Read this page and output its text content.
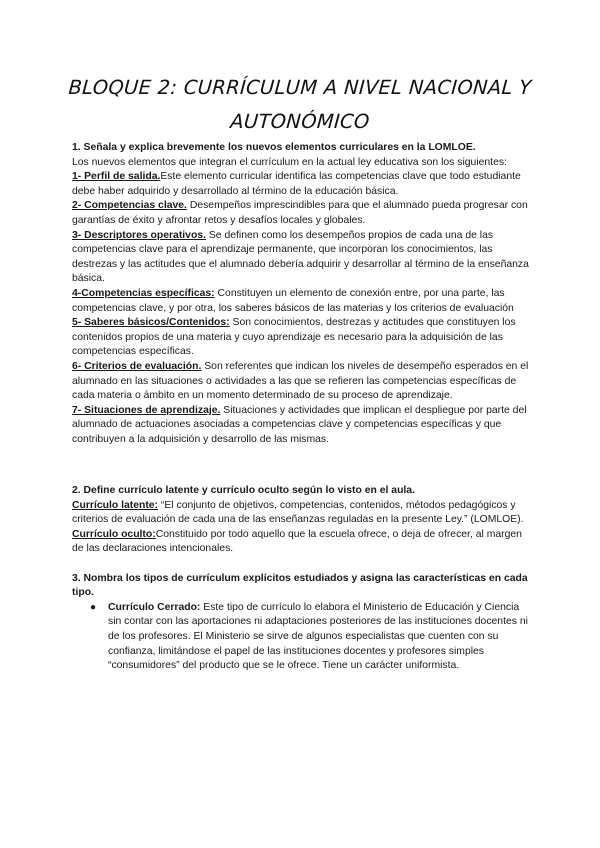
BLOQUE 2: CURRÍCULUM A NIVEL NACIONAL Y
AUTONÓMICO

1. Señala y explica brevemente los nuevos elementos curriculares en la LOMLOE.

Los nuevos elementos que integran el currículum en la actual ley educativa son los siguientes:

1- Perfil de salida.Este elemento curricular identifica las competencias clave que todo estudiante debe haber adquirido y desarrollado al término de la educación básica.

2- Competencias clave. Desempeños imprescindibles para que el alumnado pueda progresar con garantías de éxito y afrontar retos y desafíos locales y globales.

3- Descriptores operativos. Se definen como los desempeños propios de cada una de las competencias clave para el aprendizaje permanente, que incorporan los conocimientos, las destrezas y las actitudes que el alumnado debería adquirir y desarrollar al término de la enseñanza básica.

4-Competencias específicas: Constituyen un elemento de conexión entre, por una parte, las competencias clave, y por otra, los saberes básicos de las materias y los criterios de evaluación

5- Saberes básicos/Contenidos: Son conocimientos, destrezas y actitudes que constituyen los contenidos propios de una materia y cuyo aprendizaje es necesario para la adquisición de las competencias específicas.

6- Criterios de evaluación. Son referentes que indican los niveles de desempeño esperados en el alumnado en las situaciones o actividades a las que se refieren las competencias específicas de cada materia o ámbito en un momento determinado de su proceso de aprendizaje.

7- Situaciones de aprendizaje. Situaciones y actividades que implican el despliegue por parte del alumnado de actuaciones asociadas a competencias clave y competencias específicas y que contribuyen a la adquisición y desarrollo de las mismas.

2. Define currículo latente y currículo oculto según lo visto en el aula.

Currículo latente: “El conjunto de objetivos, competencias, contenidos, métodos pedagógicos y criterios de evaluación de cada una de las enseñanzas reguladas en la presente Ley.” (LOMLOE).

Currículo oculto:Constituido por todo aquello que la escuela ofrece, o deja de ofrecer, al margen de las declaraciones intencionales.

3. Nombra los tipos de currículum explícitos estudiados y asigna las características en cada tipo.

● Currículo Cerrado: Este tipo de currículo lo elabora el Ministerio de Educación y Ciencia sin contar con las aportaciones ni adaptaciones posteriores de las instituciones docentes ni de los profesores. El Ministerio se sirve de algunos especialistas que cuenten con su confianza, limitándose el papel de las instituciones docentes y profesores simples “consumidores” del producto que se le ofrece. Tiene un carácter uniformista.
